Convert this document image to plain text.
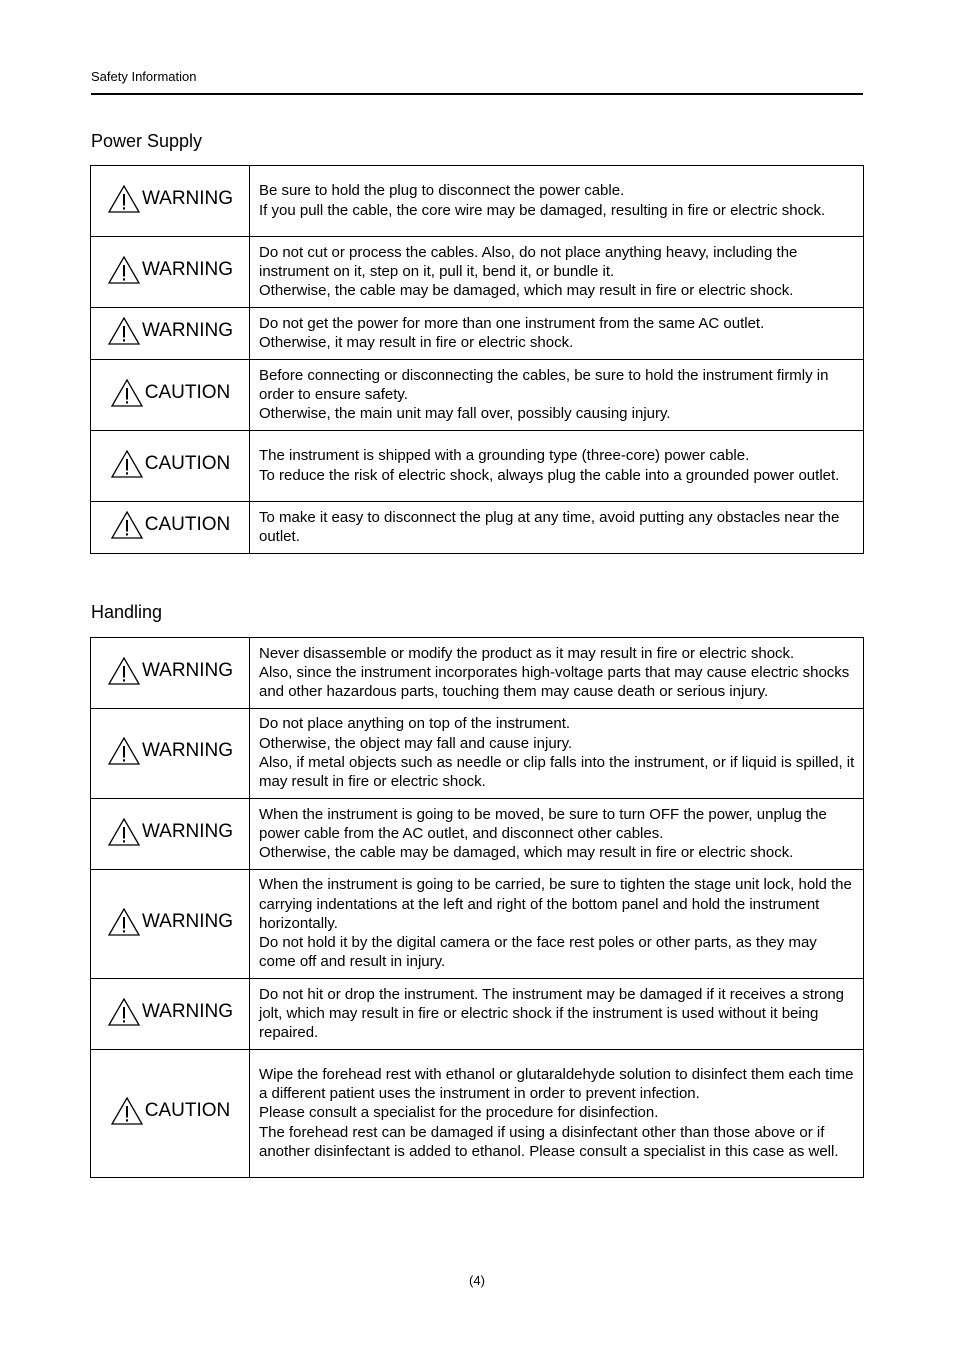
Safety Information
Power Supply
WARNING	Be sure to hold the plug to disconnect the power cable.
If you pull the cable, the core wire may be damaged, resulting in fire or electric shock.

WARNING	Do not cut or process the cables. Also, do not place anything heavy, including the instrument on it, step on it, pull it, bend it, or bundle it.
Otherwise, the cable may be damaged, which may result in fire or electric shock.

WARNING	Do not get the power for more than one instrument from the same AC outlet.
Otherwise, it may result in fire or electric shock.

CAUTION	Before connecting or disconnecting the cables, be sure to hold the instrument firmly in order to ensure safety.
Otherwise, the main unit may fall over, possibly causing injury.

CAUTION	The instrument is shipped with a grounding type (three-core) power cable.
To reduce the risk of electric shock, always plug the cable into a grounded power outlet.

CAUTION	To make it easy to disconnect the plug at any time, avoid putting any obstacles near the outlet.
Handling
WARNING	Never disassemble or modify the product as it may result in fire or electric shock.
Also, since the instrument incorporates high-voltage parts that may cause electric shocks and other hazardous parts, touching them may cause death or serious injury.

WARNING	Do not place anything on top of the instrument.
Otherwise, the object may fall and cause injury.
Also, if metal objects such as needle or clip falls into the instrument, or if liquid is spilled, it may result in fire or electric shock.

WARNING	When the instrument is going to be moved, be sure to turn OFF the power, unplug the power cable from the AC outlet, and disconnect other cables.
Otherwise, the cable may be damaged, which may result in fire or electric shock.

WARNING	When the instrument is going to be carried, be sure to tighten the stage unit lock, hold the carrying indentations at the left and right of the bottom panel and hold the instrument horizontally.
Do not hold it by the digital camera or the face rest poles or other parts, as they may come off and result in injury.

WARNING	Do not hit or drop the instrument. The instrument may be damaged if it receives a strong jolt, which may result in fire or electric shock if the instrument is used without it being repaired.

CAUTION	Wipe the forehead rest with ethanol or glutaraldehyde solution to disinfect them each time a different patient uses the instrument in order to prevent infection.
Please consult a specialist for the procedure for disinfection.
The forehead rest can be damaged if using a disinfectant other than those above or if another disinfectant is added to ethanol. Please consult a specialist in this case as well.
(4)
